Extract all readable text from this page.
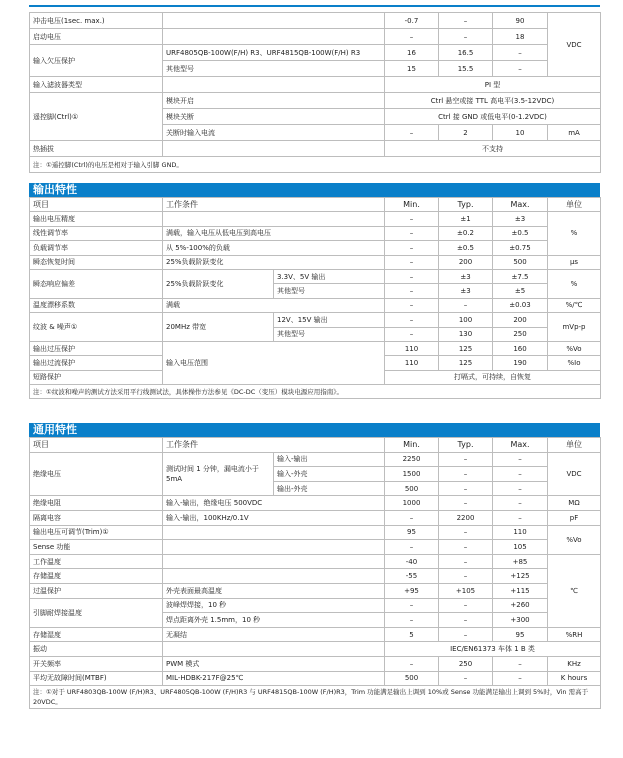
冲击电压(1sec. max.)		-0.7	–	90	VDC
启动电压		–	–	18	
输入欠压保护	URF4805QB-100W(F/H) R3、URF4815QB-100W(F/H) R3	16	16.5	–	
	其他型号	15	15.5	–	
输入滤波器类型		PI 型			
遥控脚(Ctrl)①	模块开启	Ctrl 悬空或接 TTL 高电平(3.5-12VDC)			
	模块关断	Ctrl 接 GND 或低电平(0-1.2VDC)			
	关断时输入电流	–	2	10	mA
热插拔		不支持			
注：①遥控脚(Ctrl)的电压是相对于输入引脚 GND。					
输出特性
项目	工作条件		Min.	Typ.	Max.	单位
输出电压精度			–	±1	±3	%
线性调节率	满载，输入电压从低电压到高电压		–	±0.2	±0.5	
负载调节率	从 5%-100%的负载		–	±0.5	±0.75	
瞬态恢复时间	25%负载阶跃变化		–	200	500	μs
瞬态响应偏差	25%负载阶跃变化	3.3V、5V 输出	–	±3	±7.5	%
		其他型号	–	±3	±5	
温度漂移系数	满载		–	–	±0.03	%/℃
纹波 & 噪声①	20MHz 带宽	12V、15V 输出	–	100	200	mVp-p
		其他型号	–	130	250	
输出过压保护	输入电压范围		110	125	160	%Vo
输出过流保护			110	125	190	%Io
短路保护			打嗝式，可持续，自恢复			
注：①纹波和噪声的测试方法采用平行线测试法，具体操作方法参见《DC-DC（变压）模块电源应用指南》。						
通用特性
项目	工作条件		Min.	Typ.	Max.	单位
绝缘电压	测试时间 1 分钟，漏电流小于 5mA	输入-输出	2250	–	–	VDC
		输入-外壳	1500	–	–	
		输出-外壳	500	–	–	
绝缘电阻	输入-输出，绝缘电压 500VDC		1000	–	–	MΩ
隔离电容	输入-输出，100KHz/0.1V		–	2200	–	pF
输出电压可调节(Trim)①			95	–	110	%Vo
Sense 功能			–	–	105	
工作温度			-40	–	+85	℃
存储温度			-55	–	+125	
过温保护	外壳表面最高温度		+95	+105	+115	
引脚耐焊接温度	波峰焊焊接，10 秒		–	–	+260	
	焊点距离外壳 1.5mm，10 秒		–	–	+300	
存储湿度	无凝结		5	–	95	%RH
振动			IEC/EN61373 车体 1 B 类			
开关频率	PWM 模式		–	250	–	KHz
平均无故障时间(MTBF)	MIL-HDBK-217F@25℃		500	–	–	K hours
注：①对于 URF4803QB-100W (F/H)R3、URF4805QB-100W (F/H)R3 与 URF4815QB-100W (F/H)R3，Trim 功能满足输出上调到 10%或 Sense 功能满足输出上调到 5%时，Vin 需高于 20VDC。						
